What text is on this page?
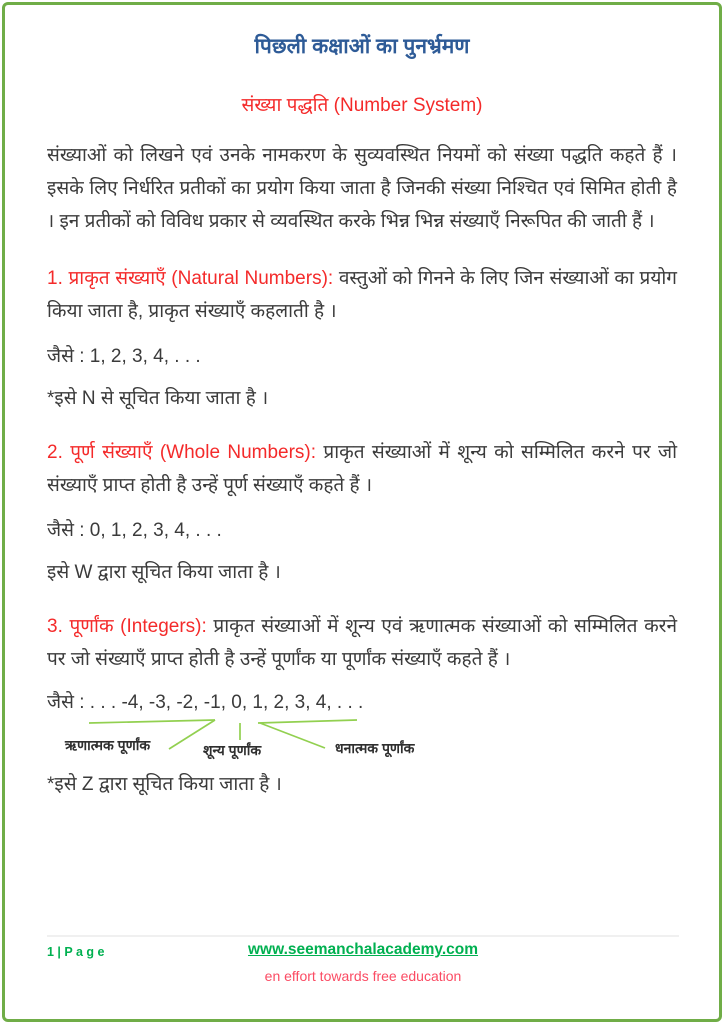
पिछली कक्षाओं का पुनर्भ्रमण
संख्या पद्धति (Number System)

संख्याओं को लिखने एवं उनके नामकरण के सुव्यवस्थित नियमों को संख्या पद्धति कहते हैं । इसके लिए निर्धरित प्रतीकों का प्रयोग किया जाता है जिनकी संख्या निश्चित एवं सिमित होती है । इन प्रतीकों को विविध प्रकार से व्यवस्थित करके भिन्न भिन्न संख्याएँ निरूपित की जाती हैं ।

1. प्राकृत संख्याएँ (Natural Numbers): वस्तुओं को गिनने के लिए जिन संख्याओं का प्रयोग किया जाता है, प्राकृत संख्याएँ कहलाती है ।

जैसे : 1, 2, 3, 4, . . .

*इसे N से सूचित किया जाता है ।

2. पूर्ण संख्याएँ (Whole Numbers): प्राकृत संख्याओं में शून्य को सम्मिलित करने पर जो संख्याएँ प्राप्त होती है उन्हें पूर्ण संख्याएँ कहते हैं ।

जैसे : 0, 1, 2, 3, 4, . . .

इसे W द्वारा सूचित किया जाता है ।

3. पूर्णांक (Integers): प्राकृत संख्याओं में शून्य एवं ऋणात्मक संख्याओं को सम्मिलित करने पर जो संख्याएँ प्राप्त होती है उन्हें पूर्णांक या पूर्णांक संख्याएँ कहते हैं ।

जैसे : . . . -4, -3, -2, -1, 0, 1, 2, 3, 4, . . .

ऋणात्मक पूर्णांक	शून्य पूर्णांक	धनात्मक पूर्णांक

*इसे Z द्वारा सूचित किया जाता है ।

1 | P a g e	www.seemanchalacademy.com
en effort towards free education
